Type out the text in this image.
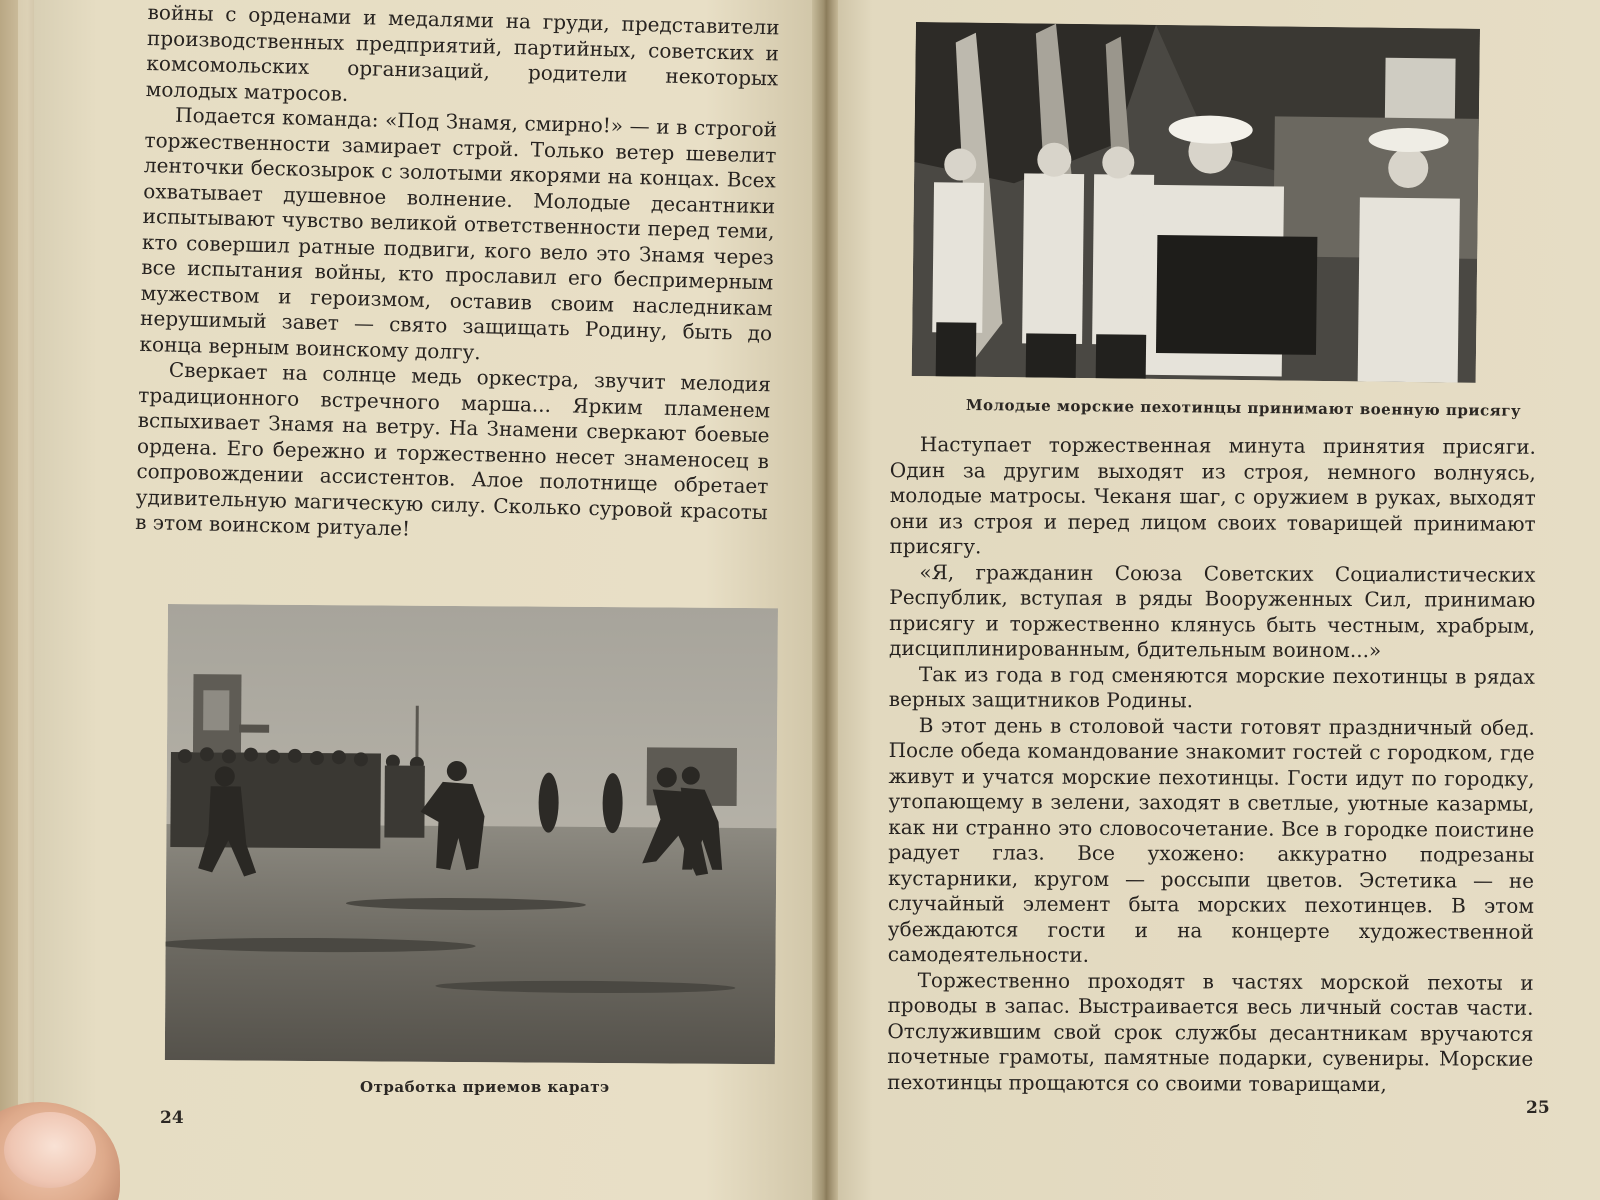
войны с орденами и медалями на груди, представители производственных предприятий, партийных, советских и комсомольских организаций, родители некоторых молодых матросов.

Подается команда: «Под Знамя, смирно!» — и в строгой торжественности замирает строй. Только ветер шевелит ленточки бескозырок с золотыми якорями на концах. Всех охватывает душевное волнение. Молодые десантники испытывают чувство великой ответственности перед теми, кто совершил ратные подвиги, кого вело это Знамя через все испытания войны, кто прославил его беспримерным мужеством и героизмом, оставив своим наследникам нерушимый завет — свято защищать Родину, быть до конца верным воинскому долгу.

Сверкает на солнце медь оркестра, звучит мелодия традиционного встречного марша... Ярким пламенем вспыхивает Знамя на ветру. На Знамени сверкают боевые ордена. Его бережно и торжественно несет знаменосец в сопровождении ассистентов. Алое полотнище обретает удивительную магическую силу. Сколько суровой красоты в этом воинском ритуале!

Отработка приемов каратэ
24
Молодые морские пехотинцы принимают военную присягу

Наступает торжественная минута принятия присяги. Один за другим выходят из строя, немного волнуясь, молодые матросы. Чеканя шаг, с оружием в руках, выходят они из строя и перед лицом своих товарищей принимают присягу.

«Я, гражданин Союза Советских Социалистических Республик, вступая в ряды Вооруженных Сил, принимаю присягу и торжественно клянусь быть честным, храбрым, дисциплинированным, бдительным воином...»

Так из года в год сменяются морские пехотинцы в рядах верных защитников Родины.

В этот день в столовой части готовят праздничный обед. После обеда командование знакомит гостей с городком, где живут и учатся морские пехотинцы. Гости идут по городку, утопающему в зелени, заходят в светлые, уютные казармы, как ни странно это словосочетание. Все в городке поистине радует глаз. Все ухожено: аккуратно подрезаны кустарники, кругом — россыпи цветов. Эстетика — не случайный элемент быта морских пехотинцев. В этом убеждаются гости и на концерте художественной самодеятельности.

Торжественно проходят в частях морской пехоты и проводы в запас. Выстраивается весь личный состав части. Отслужившим свой срок службы десантникам вручаются почетные грамоты, памятные подарки, сувениры. Морские пехотинцы прощаются со своими товарищами,

25
